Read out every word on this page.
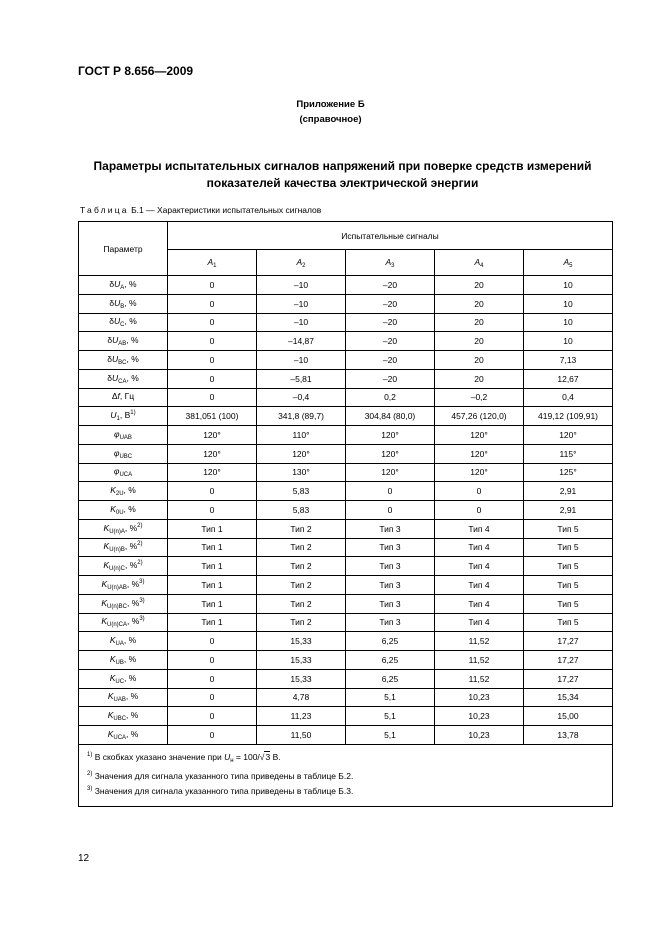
ГОСТ Р 8.656—2009
Приложение Б
(справочное)
Параметры испытательных сигналов напряжений при поверке средств измерений показателей качества электрической энергии
Таблица Б.1 — Характеристики испытательных сигналов
Параметр	Испытательные сигналы				
	$A_1$	$A_2$	$A_3$	$A_4$	$A_5$
$\delta U_A$, %	0	–10	–20	20	10
$\delta U_B$, %	0	–10	–20	20	10
$\delta U_C$, %	0	–10	–20	20	10
$\delta U_{AB}$, %	0	–14,87	–20	20	10
$\delta U_{BC}$, %	0	–10	–20	20	7,13
$\delta U_{CA}$, %	0	–5,81	–20	20	12,67
Δf, Гц	0	–0,4	0,2	–0,2	0,4
$U_1$, $В^{1)}$	381,051 (100)	341,8 (89,7)	304,84 (80,0)	457,26 (120,0)	419,12 (109,91)
$\varphi_{UAB}$	120°	110°	120°	120°	120°
$\varphi_{UBC}$	120°	120°	120°	120°	115°
$\varphi_{UCA}$	120°	130°	120°	120°	125°
$K_{2U}$, %	0	5,83	0	0	2,91
$K_{0U}$, %	0	5,83	0	0	2,91
$K_{U(n)A}$, %$^{2)}$	Тип 1	Тип 2	Тип 3	Тип 4	Тип 5
$K_{U(n)B}$, %$^{2)}$	Тип 1	Тип 2	Тип 3	Тип 4	Тип 5
$K_{U(n)C}$, %$^{2)}$	Тип 1	Тип 2	Тип 3	Тип 4	Тип 5
$K_{U(n)AB}$, %$^{3)}$	Тип 1	Тип 2	Тип 3	Тип 4	Тип 5
$K_{U(n)BC}$, %$^{3)}$	Тип 1	Тип 2	Тип 3	Тип 4	Тип 5
$K_{U(n)CA}$, %$^{3)}$	Тип 1	Тип 2	Тип 3	Тип 4	Тип 5
$K_{UA}$, %	0	15,33	6,25	11,52	17,27
$K_{UB}$, %	0	15,33	6,25	11,52	17,27
$K_{UC}$, %	0	15,33	6,25	11,52	17,27
$K_{UAB}$, %	0	4,78	5,1	10,23	15,34
$K_{UBC}$, %	0	11,23	5,1	10,23	15,00
$K_{UCA}$, %	0	11,50	5,1	10,23	13,78

$^{1)}$ В скобках указано значение при $U_н = 100/√3$ В.
$^{2)}$ Значения для сигнала указанного типа приведены в таблице Б.2.
$^{3)}$ Значения для сигнала указанного типа приведены в таблице Б.3.					
12
